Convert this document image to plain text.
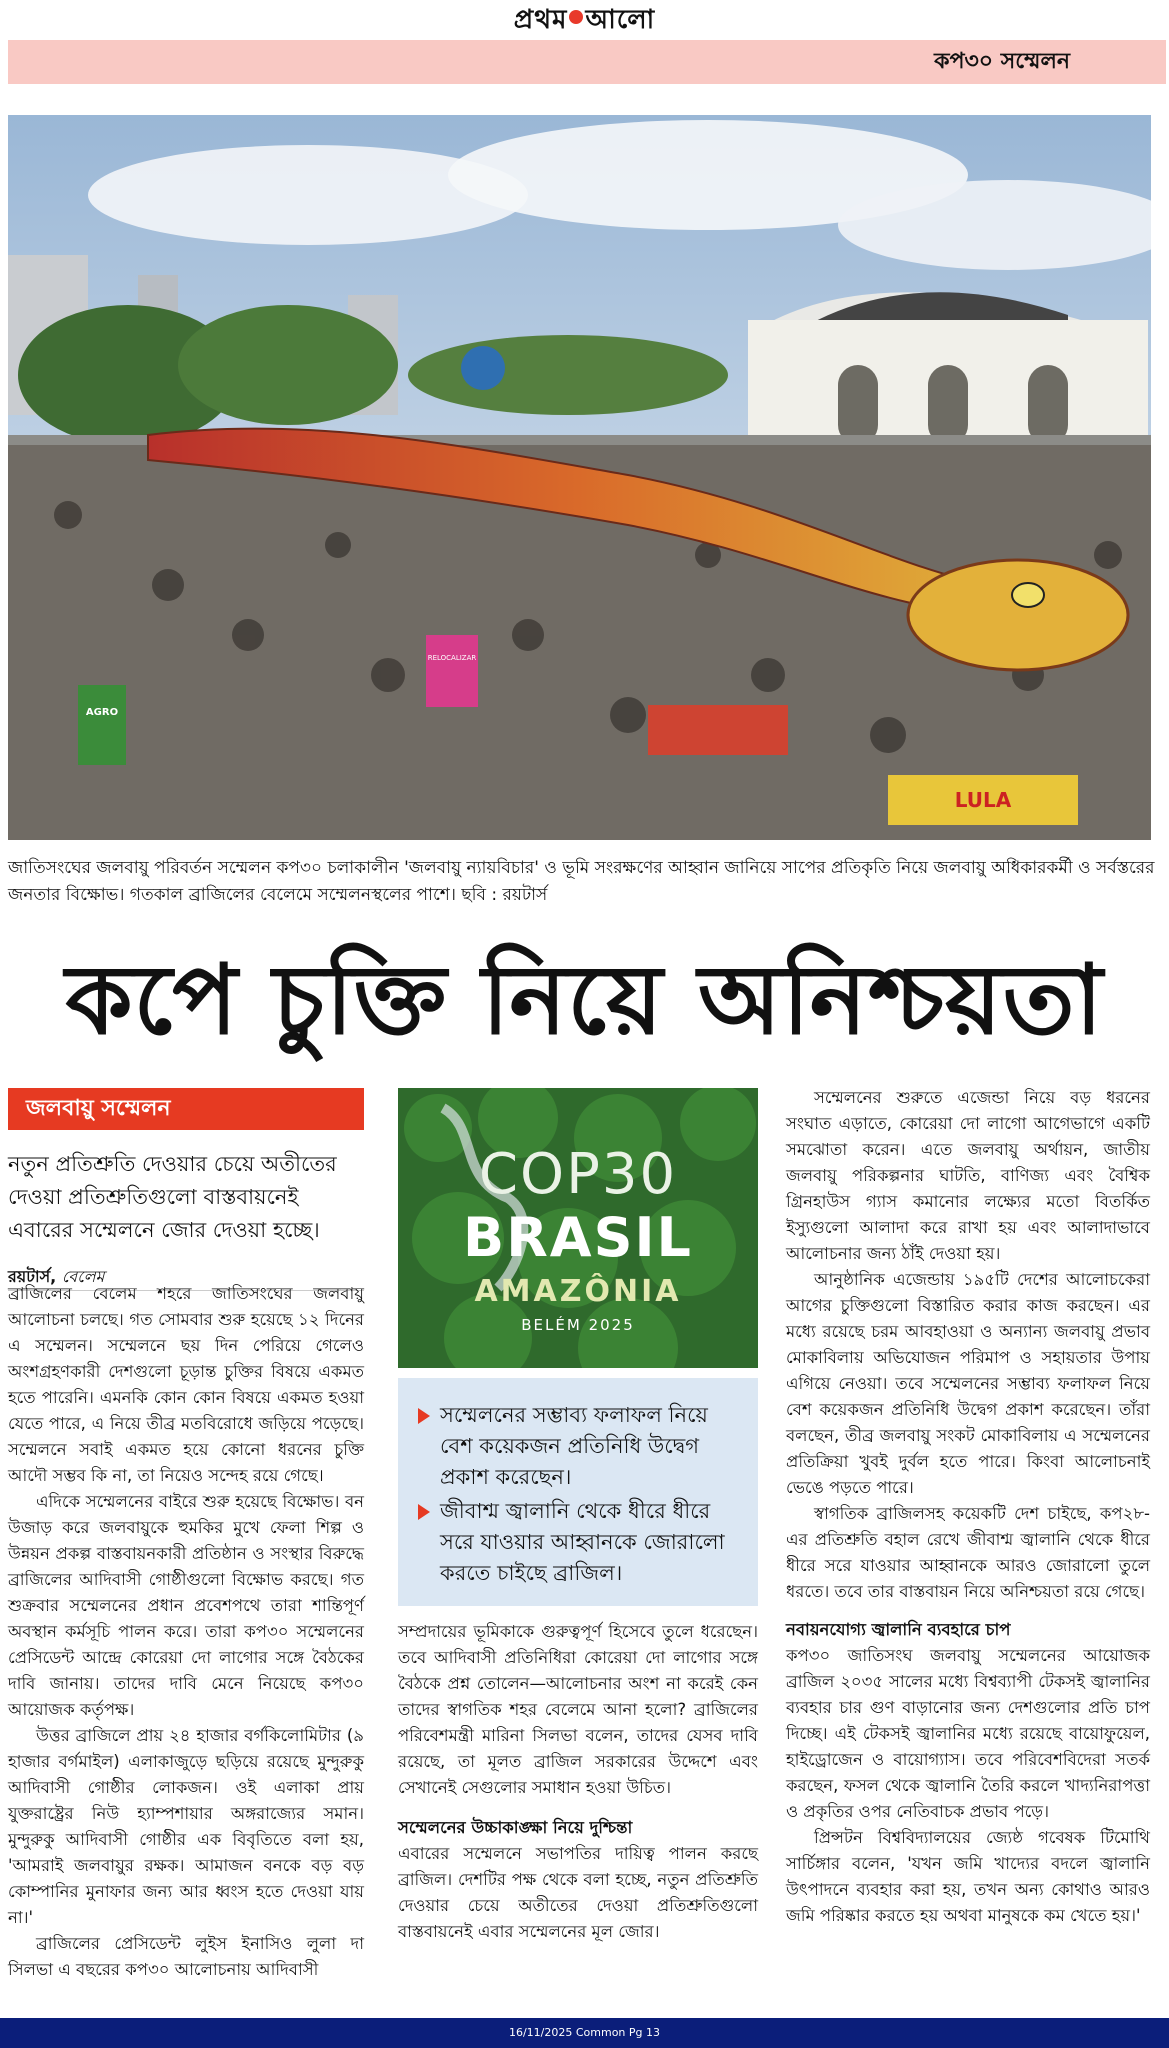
প্রথম আলো
কপ৩০ সম্মেলন
RELOCALIZAR
AGRO
LULA
জাতিসংঘের জলবায়ু পরিবর্তন সম্মেলন কপ৩০ চলাকালীন 'জলবায়ু ন্যায়বিচার' ও ভূমি সংরক্ষণের আহ্বান জানিয়ে সাপের প্রতিকৃতি নিয়ে জলবায়ু অধিকারকর্মী ও সর্বস্তরের জনতার বিক্ষোভ। গতকাল ব্রাজিলের বেলেমে সম্মেলনস্থলের পাশে। ছবি : রয়টার্স
কপে চুক্তি নিয়ে অনিশ্চয়তা
জলবায়ু সম্মেলন
নতুন প্রতিশ্রুতি দেওয়ার চেয়ে অতীতের দেওয়া প্রতিশ্রুতিগুলো বাস্তবায়নেই এবারের সম্মেলনে জোর দেওয়া হচ্ছে।
রয়টার্স, বেলেম

ব্রাজিলের বেলেম শহরে জাতিসংঘের জলবায়ু আলোচনা চলছে। গত সোমবার শুরু হয়েছে ১২ দিনের এ সম্মেলন। সম্মেলনে ছয় দিন পেরিয়ে গেলেও অংশগ্রহণকারী দেশগুলো চূড়ান্ত চুক্তির বিষয়ে একমত হতে পারেনি। এমনকি কোন কোন বিষয়ে একমত হওয়া যেতে পারে, এ নিয়ে তীব্র মতবিরোধে জড়িয়ে পড়েছে। সম্মেলনে সবাই একমত হয়ে কোনো ধরনের চুক্তি আদৌ সম্ভব কি না, তা নিয়েও সন্দেহ রয়ে গেছে।

এদিকে সম্মেলনের বাইরে শুরু হয়েছে বিক্ষোভ। বন উজাড় করে জলবায়ুকে হুমকির মুখে ফেলা শিল্প ও উন্নয়ন প্রকল্প বাস্তবায়নকারী প্রতিষ্ঠান ও সংস্থার বিরুদ্ধে ব্রাজিলের আদিবাসী গোষ্ঠীগুলো বিক্ষোভ করছে। গত শুক্রবার সম্মেলনের প্রধান প্রবেশপথে তারা শান্তিপূর্ণ অবস্থান কর্মসূচি পালন করে। তারা কপ৩০ সম্মেলনের প্রেসিডেন্ট আন্দ্রে কোরেয়া দো লাগোর সঙ্গে বৈঠকের দাবি জানায়। তাদের দাবি মেনে নিয়েছে কপ৩০ আয়োজক কর্তৃপক্ষ।

উত্তর ব্রাজিলে প্রায় ২৪ হাজার বর্গকিলোমিটার (৯ হাজার বর্গমাইল) এলাকাজুড়ে ছড়িয়ে রয়েছে মুন্দুরুকু আদিবাসী গোষ্ঠীর লোকজন। ওই এলাকা প্রায় যুক্তরাষ্ট্রের নিউ হ্যাম্পশায়ার অঙ্গরাজ্যের সমান। মুন্দুরুকু আদিবাসী গোষ্ঠীর এক বিবৃতিতে বলা হয়, 'আমরাই জলবায়ুর রক্ষক। আমাজন বনকে বড় বড় কোম্পানির মুনাফার জন্য আর ধ্বংস হতে দেওয়া যায় না।'

ব্রাজিলের প্রেসিডেন্ট লুইস ইনাসিও লুলা দা সিলভা এ বছরের কপ৩০ আলোচনায় আদিবাসী

COP30
BRASIL
AMAZÔNIA
BELÉM 2025
সম্মেলনের সম্ভাব্য ফলাফল নিয়ে বেশ কয়েকজন প্রতিনিধি উদ্বেগ প্রকাশ করেছেন।
জীবাশ্ম জ্বালানি থেকে ধীরে ধীরে সরে যাওয়ার আহ্বানকে জোরালো করতে চাইছে ব্রাজিল।

সম্প্রদায়ের ভূমিকাকে গুরুত্বপূর্ণ হিসেবে তুলে ধরেছেন। তবে আদিবাসী প্রতিনিধিরা কোরেয়া দো লাগোর সঙ্গে বৈঠকে প্রশ্ন তোলেন—আলোচনার অংশ না করেই কেন তাদের স্বাগতিক শহর বেলেমে আনা হলো? ব্রাজিলের পরিবেশমন্ত্রী মারিনা সিলভা বলেন, তাদের যেসব দাবি রয়েছে, তা মূলত ব্রাজিল সরকারের উদ্দেশে এবং সেখানেই সেগুলোর সমাধান হওয়া উচিত।

সম্মেলনের উচ্চাকাঙ্ক্ষা নিয়ে দুশ্চিন্তা

এবারের সম্মেলনে সভাপতির দায়িত্ব পালন করছে ব্রাজিল। দেশটির পক্ষ থেকে বলা হচ্ছে, নতুন প্রতিশ্রুতি দেওয়ার চেয়ে অতীতের দেওয়া প্রতিশ্রুতিগুলো বাস্তবায়নেই এবার সম্মেলনের মূল জোর।

সম্মেলনের শুরুতে এজেন্ডা নিয়ে বড় ধরনের সংঘাত এড়াতে, কোরেয়া দো লাগো আগেভাগে একটি সমঝোতা করেন। এতে জলবায়ু অর্থায়ন, জাতীয় জলবায়ু পরিকল্পনার ঘাটতি, বাণিজ্য এবং বৈশ্বিক গ্রিনহাউস গ্যাস কমানোর লক্ষ্যের মতো বিতর্কিত ইস্যুগুলো আলাদা করে রাখা হয় এবং আলাদাভাবে আলোচনার জন্য ঠাঁই দেওয়া হয়।

আনুষ্ঠানিক এজেন্ডায় ১৯৫টি দেশের আলোচকেরা আগের চুক্তিগুলো বিস্তারিত করার কাজ করছেন। এর মধ্যে রয়েছে চরম আবহাওয়া ও অন্যান্য জলবায়ু প্রভাব মোকাবিলায় অভিযোজন পরিমাপ ও সহায়তার উপায় এগিয়ে নেওয়া। তবে সম্মেলনের সম্ভাব্য ফলাফল নিয়ে বেশ কয়েকজন প্রতিনিধি উদ্বেগ প্রকাশ করেছেন। তাঁরা বলছেন, তীব্র জলবায়ু সংকট মোকাবিলায় এ সম্মেলনের প্রতিক্রিয়া খুবই দুর্বল হতে পারে। কিংবা আলোচনাই ভেঙে পড়তে পারে।

স্বাগতিক ব্রাজিলসহ কয়েকটি দেশ চাইছে, কপ২৮-এর প্রতিশ্রুতি বহাল রেখে জীবাশ্ম জ্বালানি থেকে ধীরে ধীরে সরে যাওয়ার আহ্বানকে আরও জোরালো তুলে ধরতে। তবে তার বাস্তবায়ন নিয়ে অনিশ্চয়তা রয়ে গেছে।

নবায়নযোগ্য জ্বালানি ব্যবহারে চাপ

কপ৩০ জাতিসংঘ জলবায়ু সম্মেলনের আয়োজক ব্রাজিল ২০৩৫ সালের মধ্যে বিশ্বব্যাপী টেকসই জ্বালানির ব্যবহার চার গুণ বাড়ানোর জন্য দেশগুলোর প্রতি চাপ দিচ্ছে। এই টেকসই জ্বালানির মধ্যে রয়েছে বায়োফুয়েল, হাইড্রোজেন ও বায়োগ্যাস। তবে পরিবেশবিদেরা সতর্ক করছেন, ফসল থেকে জ্বালানি তৈরি করলে খাদ্যনিরাপত্তা ও প্রকৃতির ওপর নেতিবাচক প্রভাব পড়ে।

প্রিন্সটন বিশ্ববিদ্যালয়ের জ্যেষ্ঠ গবেষক টিমোথি সার্চিঙ্গার বলেন, 'যখন জমি খাদ্যের বদলে জ্বালানি উৎপাদনে ব্যবহার করা হয়, তখন অন্য কোথাও আরও জমি পরিষ্কার করতে হয় অথবা মানুষকে কম খেতে হয়।'

16/11/2025 Common Pg 13
